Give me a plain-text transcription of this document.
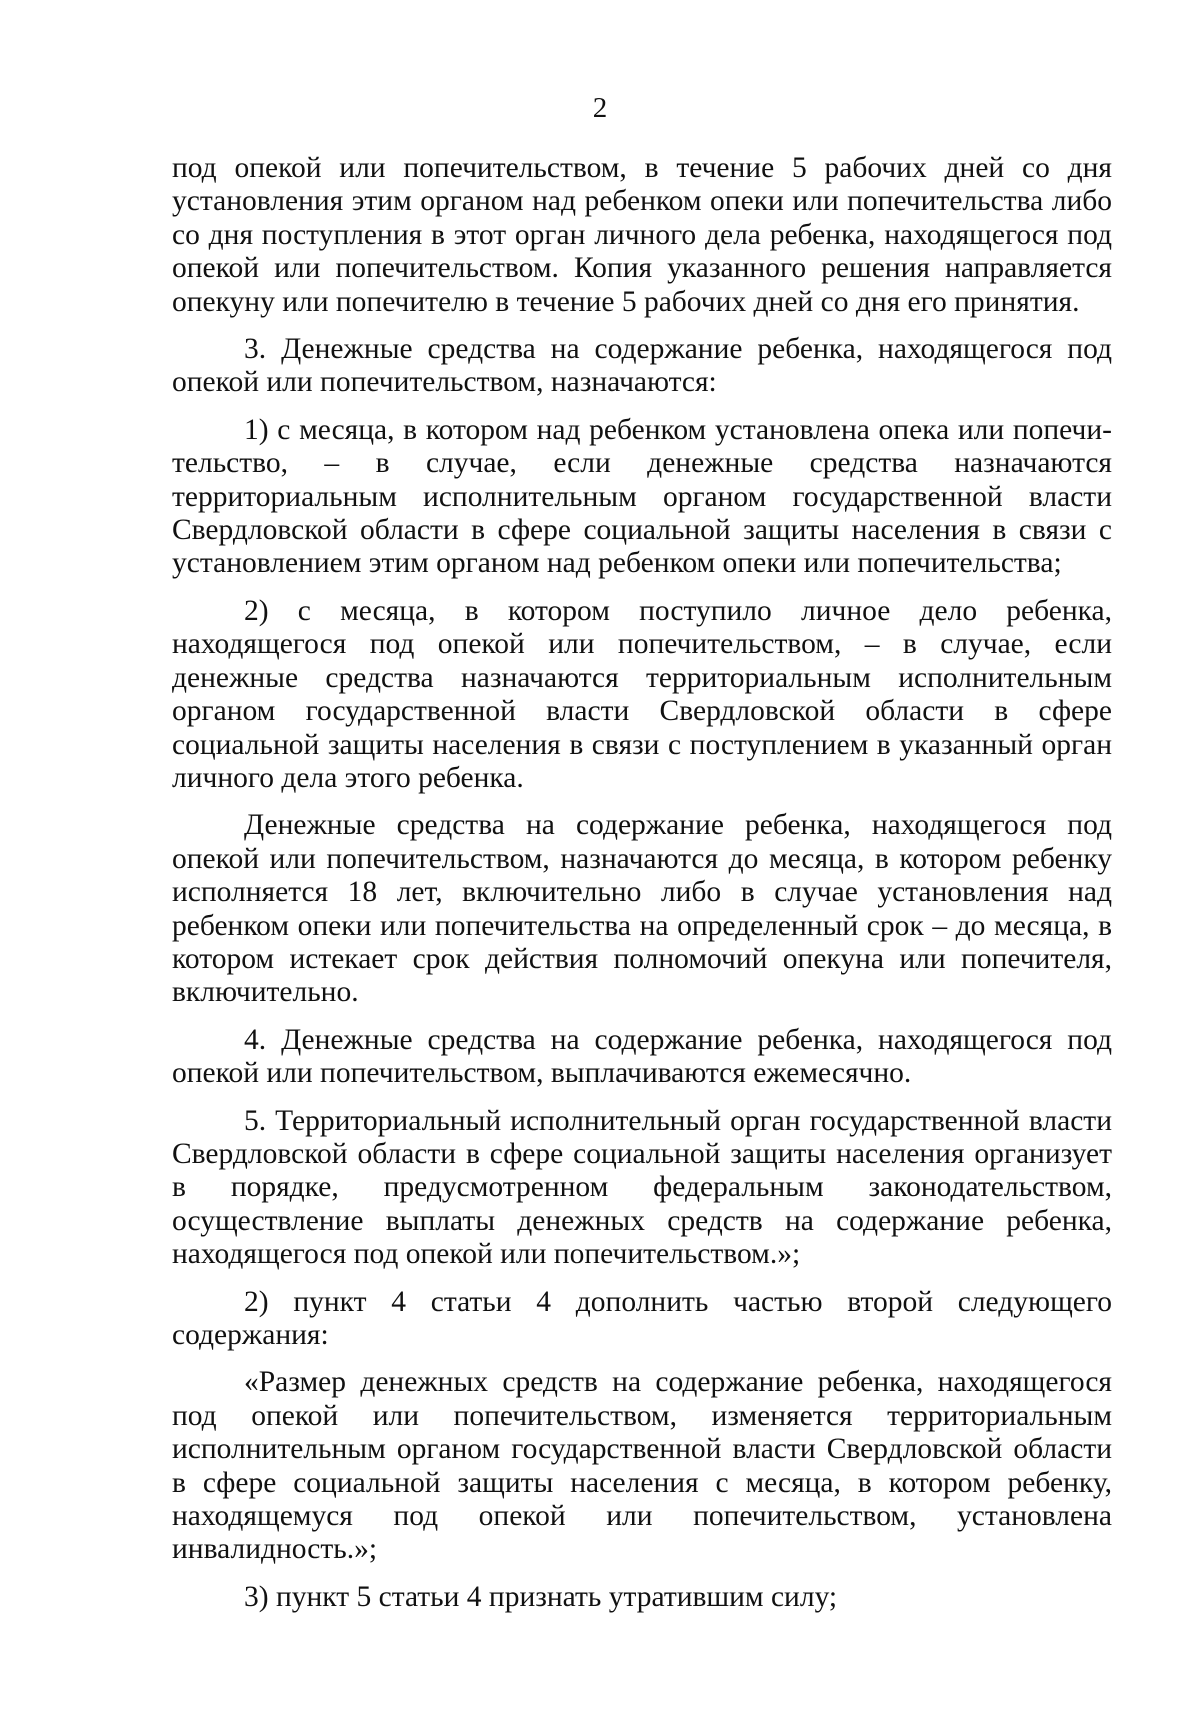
2

под опекой или попечительством, в течение 5 рабочих дней со дня установления этим органом над ребенком опеки или попечительства либо со дня поступления в этот орган личного дела ребенка, находящегося под опекой или попечительством. Копия указанного решения направляется опекуну или попечителю в течение 5 рабочих дней со дня его принятия.

3. Денежные средства на содержание ребенка, находящегося под опекой или попечительством, назначаются:

1) с месяца, в котором над ребенком установлена опека или попечительство, – в случае, если денежные средства назначаются территориальным исполнительным органом государственной власти Свердловской области в сфере социальной защиты населения в связи с установлением этим органом над ребенком опеки или попечительства;

2) с месяца, в котором поступило личное дело ребенка, находящегося под опекой или попечительством, – в случае, если денежные средства назначаются территориальным исполнительным органом государственной власти Свердловской области в сфере социальной защиты населения в связи с поступлением в указанный орган личного дела этого ребенка.

Денежные средства на содержание ребенка, находящегося под опекой или попечительством, назначаются до месяца, в котором ребенку исполняется 18 лет, включительно либо в случае установления над ребенком опеки или попечительства на определенный срок – до месяца, в котором истекает срок действия полномочий опекуна или попечителя, включительно.

4. Денежные средства на содержание ребенка, находящегося под опекой или попечительством, выплачиваются ежемесячно.

5. Территориальный исполнительный орган государственной власти Свердловской области в сфере социальной защиты населения организует в порядке, предусмотренном федеральным законодательством, осуществление выплаты денежных средств на содержание ребенка, находящегося под опекой или попечительством.»;

2) пункт 4 статьи 4 дополнить частью второй следующего содержания:

«Размер денежных средств на содержание ребенка, находящегося под опекой или попечительством, изменяется территориальным исполнительным органом государственной власти Свердловской области в сфере социальной защиты населения с месяца, в котором ребенку, находящемуся под опекой или попечительством, установлена инвалидность.»;

3) пункт 5 статьи 4 признать утратившим силу;
